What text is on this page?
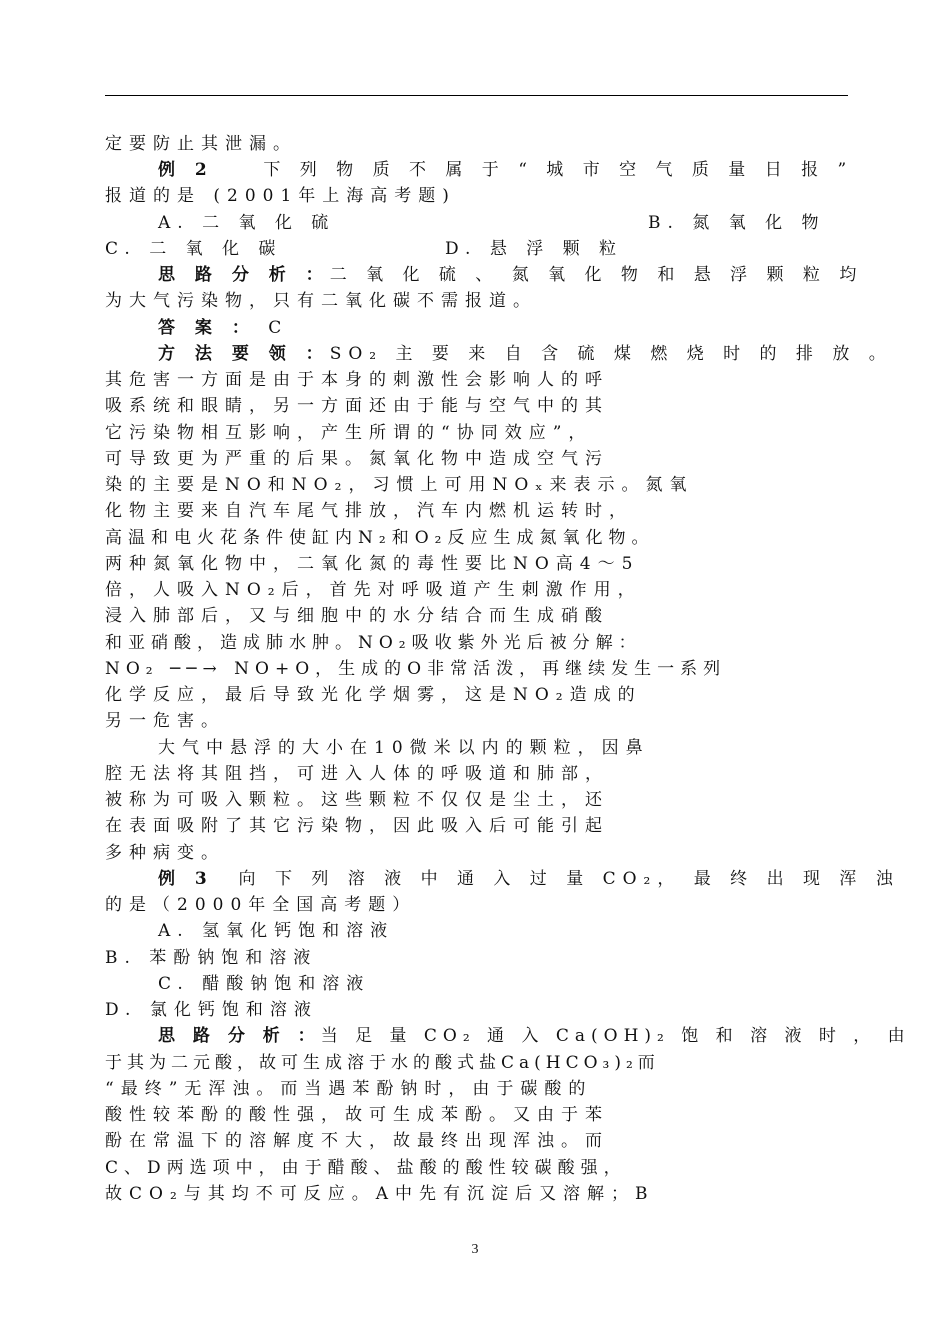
定要防止其泄漏。
例 2    下 列 物 质 不 属 于 “ 城 市 空 气 质 量 日 报 ”
报道的是 (2001年上海高考题)
A. 二 氧 化 硫	B. 氮 氧 化 物
C. 二 氧 化 碳	D. 悬 浮 颗 粒
思 路 分 析 ：二 氧 化 硫 、 氮 氧 化 物 和 悬 浮 颗 粒 均
为大气污染物，只有二氧化碳不需报道。
答 案 ： C
方 法 要 领 ：SO₂ 主 要 来 自 含 硫 煤 燃 烧 时 的 排 放 。
其危害一方面是由于本身的刺激性会影响人的呼
吸系统和眼睛，另一方面还由于能与空气中的其
它污染物相互影响，产生所谓的“协同效应”，
可导致更为严重的后果。氮氧化物中造成空气污
染的主要是NO和NO₂，习惯上可用NOₓ来表示。氮氧
化物主要来自汽车尾气排放，汽车内燃机运转时，
高温和电火花条件使缸内N₂和O₂反应生成氮氧化物。
两种氮氧化物中，二氧化氮的毒性要比NO高4～5
倍，人吸入NO₂后，首先对呼吸道产生刺激作用，
浸入肺部后，又与细胞中的水分结合而生成硝酸
和亚硝酸，造成肺水肿。NO₂吸收紫外光后被分解：
NO₂ ──→ NO+O，生成的O非常活泼，再继续发生一系列
化学反应，最后导致光化学烟雾，这是NO₂造成的
另一危害。
大气中悬浮的大小在10微米以内的颗粒，因鼻
腔无法将其阻挡，可进入人体的呼吸道和肺部，
被称为可吸入颗粒。这些颗粒不仅仅是尘土，还
在表面吸附了其它污染物，因此吸入后可能引起
多种病变。
例 3  向 下 列 溶 液 中 通 入 过 量 CO₂， 最 终 出 现 浑 浊
的是（2000年全国高考题）
A. 氢氧化钙饱和溶液
B. 苯酚钠饱和溶液
C. 醋酸钠饱和溶液
D. 氯化钙饱和溶液
思 路 分 析 ：当 足 量 CO₂ 通 入 Ca(OH)₂ 饱 和 溶 液 时 ， 由
于其为二元酸，故可生成溶于水的酸式盐Ca(HCO₃)₂而
“最终”无浑浊。而当遇苯酚钠时，由于碳酸的
酸性较苯酚的酸性强，故可生成苯酚。又由于苯
酚在常温下的溶解度不大，故最终出现浑浊。而
C、D两选项中，由于醋酸、盐酸的酸性较碳酸强，
故CO₂与其均不可反应。A中先有沉淀后又溶解；B
3
